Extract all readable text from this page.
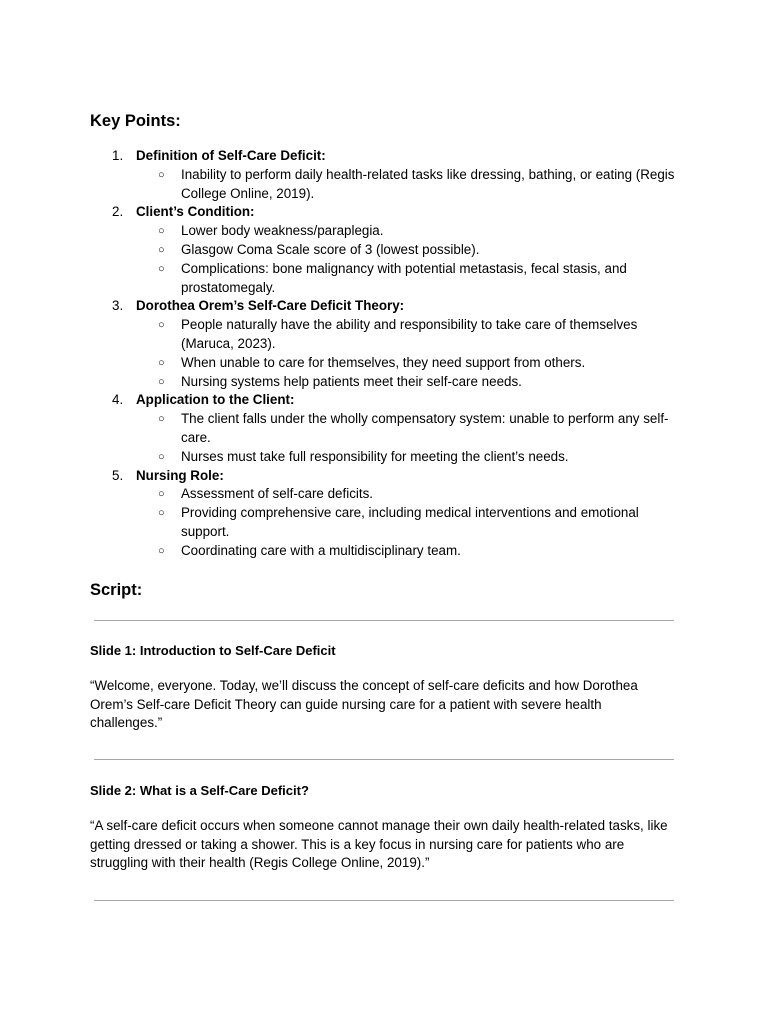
Key Points:
1. Definition of Self-Care Deficit:
○ Inability to perform daily health-related tasks like dressing, bathing, or eating (Regis College Online, 2019).
2. Client’s Condition:
○ Lower body weakness/paraplegia.
○ Glasgow Coma Scale score of 3 (lowest possible).
○ Complications: bone malignancy with potential metastasis, fecal stasis, and prostatomegaly.
3. Dorothea Orem’s Self-Care Deficit Theory:
○ People naturally have the ability and responsibility to take care of themselves (Maruca, 2023).
○ When unable to care for themselves, they need support from others.
○ Nursing systems help patients meet their self-care needs.
4. Application to the Client:
○ The client falls under the wholly compensatory system: unable to perform any self-care.
○ Nurses must take full responsibility for meeting the client’s needs.
5. Nursing Role:
○ Assessment of self-care deficits.
○ Providing comprehensive care, including medical interventions and emotional support.
○ Coordinating care with a multidisciplinary team.
Script:
Slide 1: Introduction to Self-Care Deficit

“Welcome, everyone. Today, we’ll discuss the concept of self-care deficits and how Dorothea Orem’s Self-care Deficit Theory can guide nursing care for a patient with severe health challenges.”

Slide 2: What is a Self-Care Deficit?

“A self-care deficit occurs when someone cannot manage their own daily health-related tasks, like getting dressed or taking a shower. This is a key focus in nursing care for patients who are struggling with their health (Regis College Online, 2019).”
